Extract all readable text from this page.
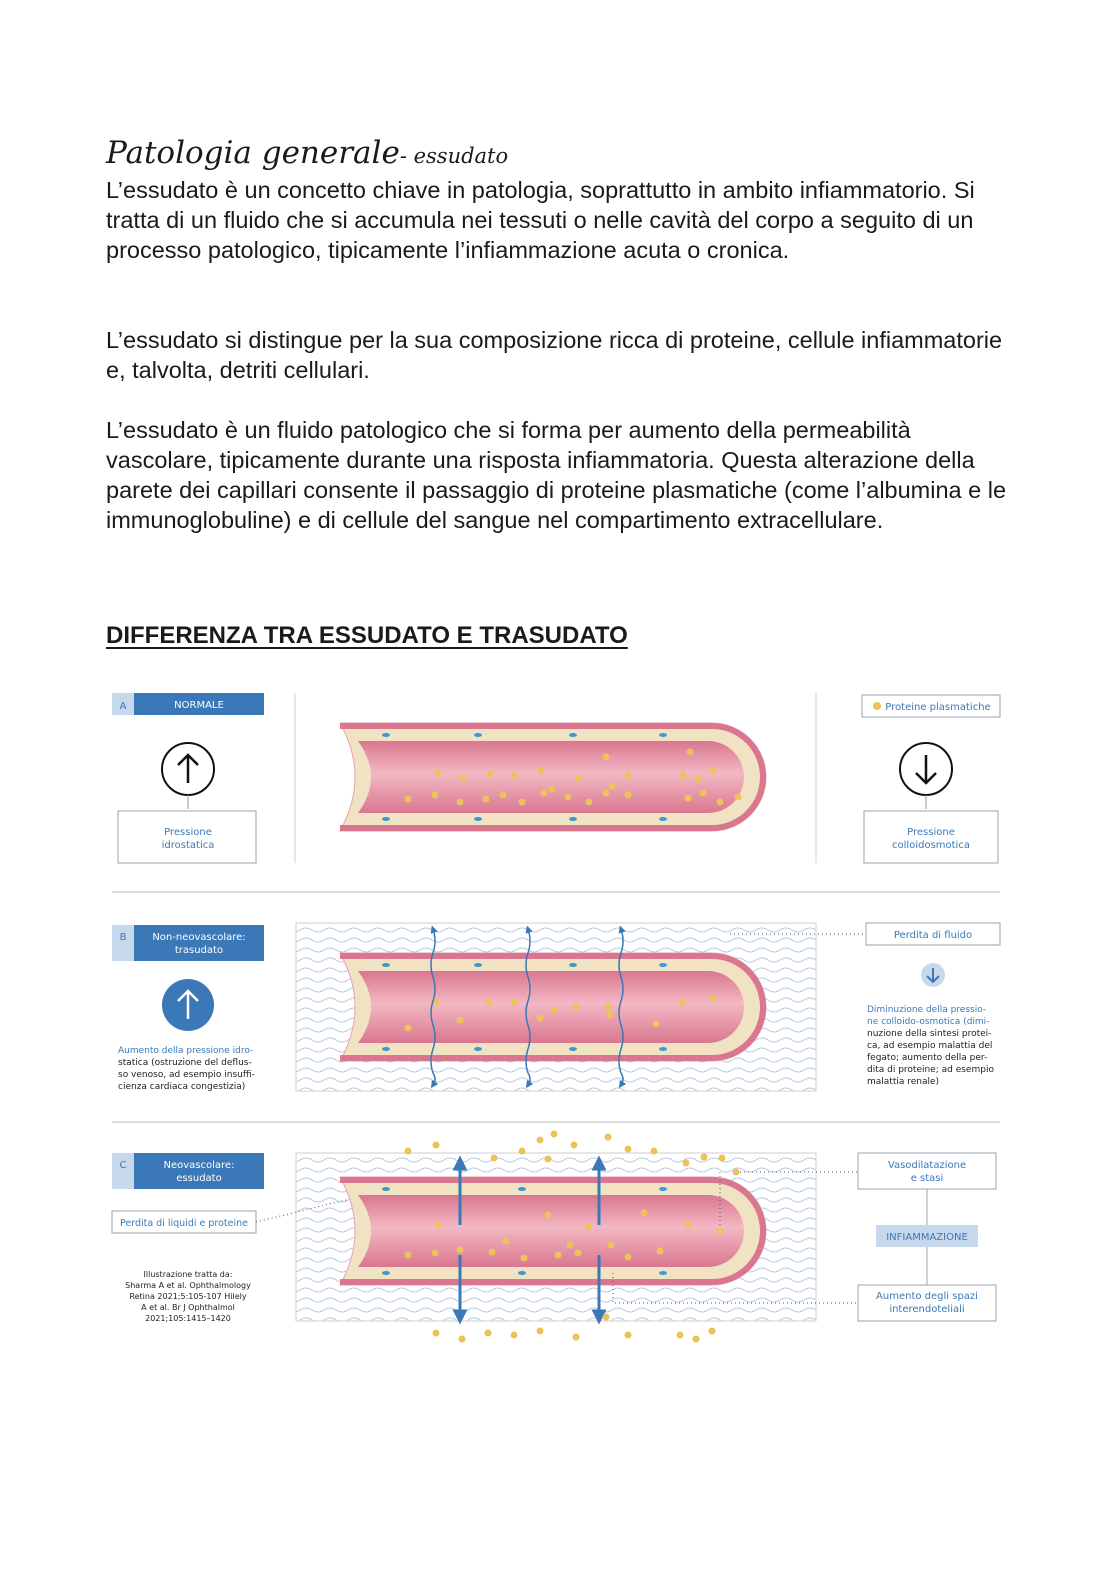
Patologia generale- essudato

L’essudato è un concetto chiave in patologia, soprattutto in ambito infiammatorio. Si tratta di un fluido che si accumula nei tessuti o nelle cavità del corpo a seguito di un processo patologico, tipicamente l’infiammazione acuta o cronica.

L’essudato si distingue per la sua composizione ricca di proteine, cellule infiammatorie e, talvolta, detriti cellulari.

L’essudato è un fluido patologico che si forma per aumento della permeabilità vascolare, tipicamente durante una risposta infiammatoria. Questa alterazione della parete dei capillari consente il passaggio di proteine plasmatiche (come l’albumina e le immunoglobuline) e di cellule del sangue nel compartimento extracellulare.

DIFFERENZA TRA ESSUDATO E TRASUDATO
A	NORMALE
Pressione
idrostatica
Proteine plasmatiche
Pressione
colloidosmotica
B	Non-neovascolare:
trasudato
Aumento della pressione idro-
statica (ostruzione del deflus-
so venoso, ad esempio insuffi-
cienza cardiaca congestizia)
Perdita di fluido
Diminuzione della pressio-
ne colloido-osmotica (dimi-
nuzione della sintesi protei-
ca, ad esempio malattia del
fegato; aumento della per-
dita di proteine; ad esempio
malattia renale)
C	Neovascolare:
essudato
Perdita di liquidi e proteine
Illustrazione tratta da:
Sharma A et al. Ophthalmology
Retina 2021;5:105-107 Hilely
A et al. Br J Ophthalmol
2021;105:1415–1420
Vasodilatazione
e stasi
INFIAMMAZIONE
Aumento degli spazi
interendoteliali
